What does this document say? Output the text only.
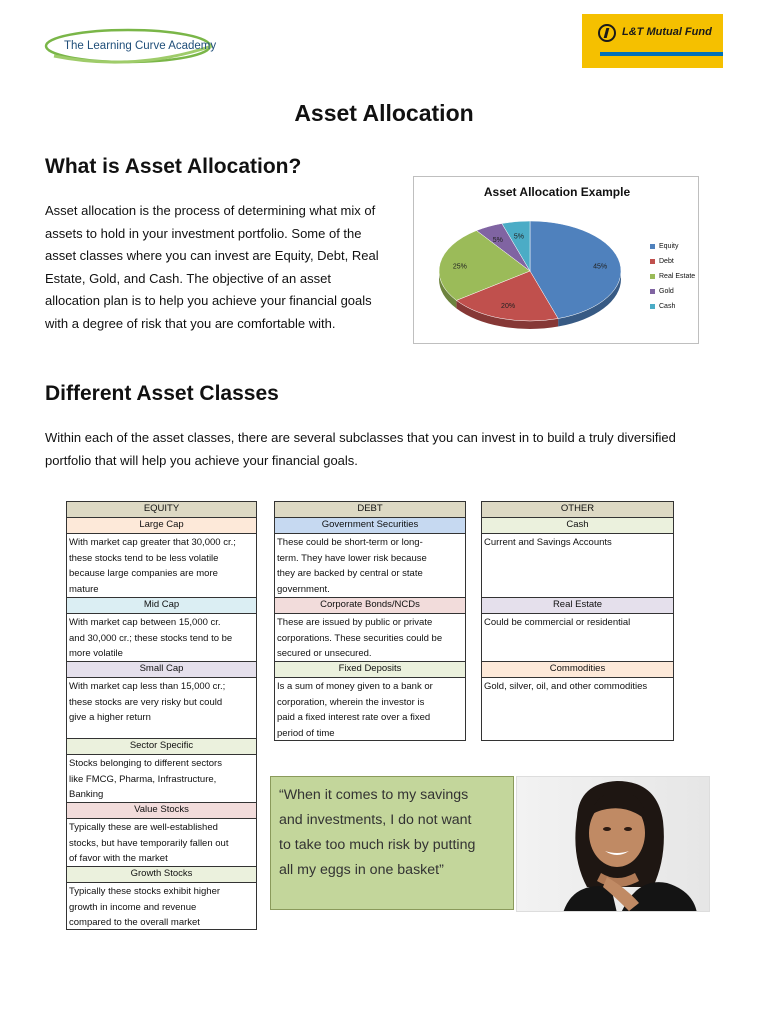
The Learning Curve Academy
L&T Mutual Fund
Asset Allocation
What is Asset Allocation?
Asset allocation is the process of determining what mix of
assets to hold in your investment portfolio. Some of the
asset classes where you can invest are Equity, Debt, Real
Estate, Gold, and Cash. The objective of an asset
allocation plan is to help you achieve your financial goals
with a degree of risk that you are comfortable with.
Asset Allocation Example
45%
20%
25%
5% 5%
Equity
Debt
Real Estate
Gold
Cash
Different Asset Classes
Within each of the asset classes, there are several subclasses that you can invest in to build a truly diversified
portfolio that will help you achieve your financial goals.
EQUITY
Large Cap
With market cap greater that 30,000 cr.;
these stocks tend to be less volatile
because large companies are more
mature
Mid Cap
With market cap between 15,000 cr.
and 30,000 cr.; these stocks tend to be
more volatile
Small Cap
With market cap less than 15,000 cr.;
these stocks are very risky but could
give a higher return
Sector Specific
Stocks belonging to different sectors
like FMCG, Pharma, Infrastructure,
Banking
Value Stocks
Typically these are well-established
stocks, but have temporarily fallen out
of favor with the market
Growth Stocks
Typically these stocks exhibit higher
growth in income and revenue
compared to the overall market
DEBT
Government Securities
These could be short-term or long-
term. They have lower risk because
they are backed by central or state
government.
Corporate Bonds/NCDs
These are issued by public or private
corporations. These securities could be
secured or unsecured.
Fixed Deposits
Is a sum of money given to a bank or
corporation, wherein the investor is
paid a fixed interest rate over a fixed
period of time
OTHER
Cash
Current and Savings Accounts
Real Estate
Could be commercial or residential
Commodities
Gold, silver, oil, and other commodities
“When it comes to my savings
and investments, I do not want
to take too much risk by putting
all my eggs in one basket”
